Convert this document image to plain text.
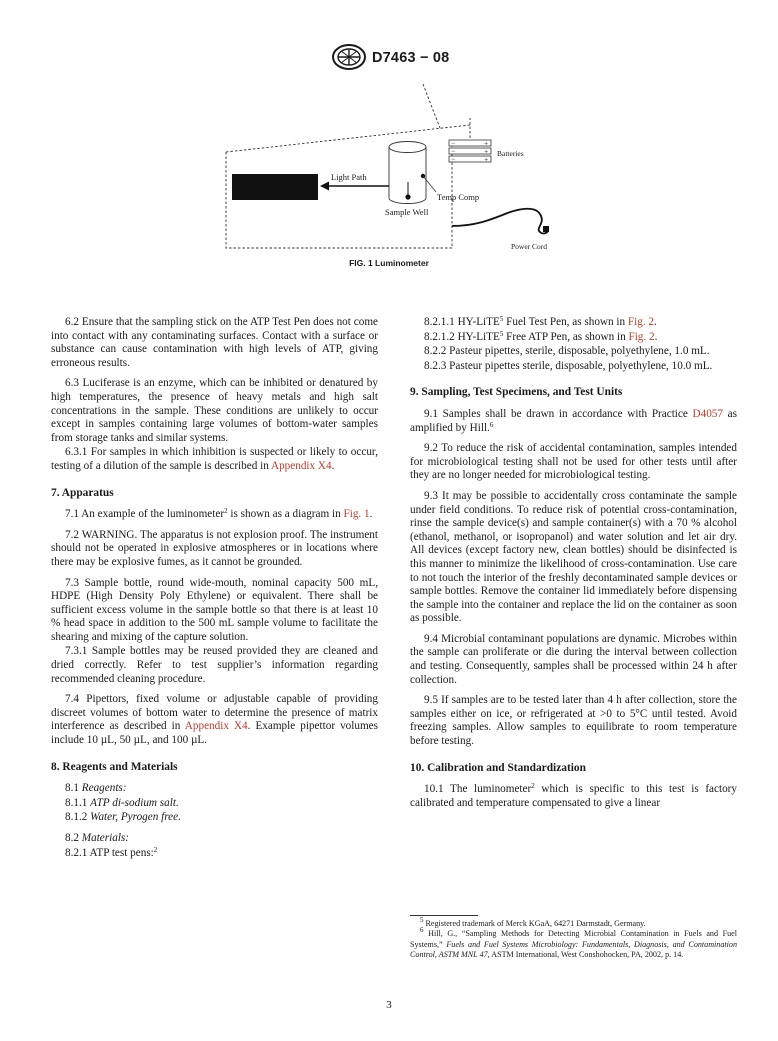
D7463 − 08
−	+
−	+
−	+
Batteries
Light Path
Temp Comp
Sample Well
Power Cord
FIG. 1 Luminometer

6.2 Ensure that the sampling stick on the ATP Test Pen does not come into contact with any contaminating surfaces. Contact with a surface or substance can cause contamination with high levels of ATP, giving erroneous results.

6.3 Luciferase is an enzyme, which can be inhibited or denatured by high temperatures, the presence of heavy metals and high salt concentrations in the sample. These conditions are unlikely to occur except in samples containing large volumes of bottom-water samples from storage tanks and similar systems.

6.3.1 For samples in which inhibition is suspected or likely to occur, testing of a dilution of the sample is described in Appendix X4.

7. Apparatus

7.1 An example of the luminometer$^2$ is shown as a diagram in Fig. 1.

7.2 WARNING. The apparatus is not explosion proof. The instrument should not be operated in explosive atmospheres or in locations where there may be explosive fumes, as it cannot be grounded.

7.3 Sample bottle, round wide-mouth, nominal capacity 500 mL, HDPE (High Density Poly Ethylene) or equivalent. There shall be sufficient excess volume in the sample bottle so that there is at least 10 % head space in addition to the 500 mL sample volume to facilitate the shearing and mixing of the capture solution.

7.3.1 Sample bottles may be reused provided they are cleaned and dried correctly. Refer to test supplier’s information regarding recommended cleaning procedure.

7.4 Pipettors, fixed volume or adjustable capable of providing discreet volumes of bottom water to determine the presence of matrix interference as described in Appendix X4. Example pipettor volumes include 10 µL, 50 µL, and 100 µL.

8. Reagents and Materials

8.1 Reagents:

8.1.1 ATP di-sodium salt.

8.1.2 Water, Pyrogen free.

8.2 Materials:

8.2.1 ATP test pens:$^2$

8.2.1.1 HY-LiTE$^5$ Fuel Test Pen, as shown in Fig. 2.

8.2.1.2 HY-LiTE$^5$ Free ATP Pen, as shown in Fig. 2.

8.2.2 Pasteur pipettes, sterile, disposable, polyethylene, 1.0 mL.

8.2.3 Pasteur pipettes sterile, disposable, polyethylene, 10.0 mL.

9. Sampling, Test Specimens, and Test Units

9.1 Samples shall be drawn in accordance with Practice D4057 as amplified by Hill.$^6$

9.2 To reduce the risk of accidental contamination, samples intended for microbiological testing shall not be used for other tests until after they are no longer needed for microbiological testing.

9.3 It may be possible to accidentally cross contaminate the sample under field conditions. To reduce risk of potential cross-contamination, rinse the sample device(s) and sample container(s) with a 70 % alcohol (ethanol, methanol, or isopropanol) and water solution and let air dry. All devices (except factory new, clean bottles) should be disinfected is this manner to minimize the likelihood of cross-contamination. Use care to not touch the interior of the freshly decontaminated sample devices or sample bottles. Remove the container lid immediately before dispensing the sample into the container and replace the lid on the container as soon as possible.

9.4 Microbial contaminant populations are dynamic. Microbes within the sample can proliferate or die during the interval between collection and testing. Consequently, samples shall be processed within 24 h after collection.

9.5 If samples are to be tested later than 4 h after collection, store the samples either on ice, or refrigerated at >0 to 5°C until tested. Avoid freezing samples. Allow samples to equilibrate to room temperature before testing.

10. Calibration and Standardization

10.1 The luminometer$^2$ which is specific to this test is factory calibrated and temperature compensated to give a linear

$^5$ Registered trademark of Merck KGaA, 64271 Darmstadt, Germany.

$^6$ Hill, G., “Sampling Methods for Detecting Microbial Contamination in Fuels and Fuel Systems,” Fuels and Fuel Systems Microbiology: Fundamentals, Diagnosis, and Contamination Control, ASTM MNL 47, ASTM International, West Conshohocken, PA, 2002, p. 14.

3
